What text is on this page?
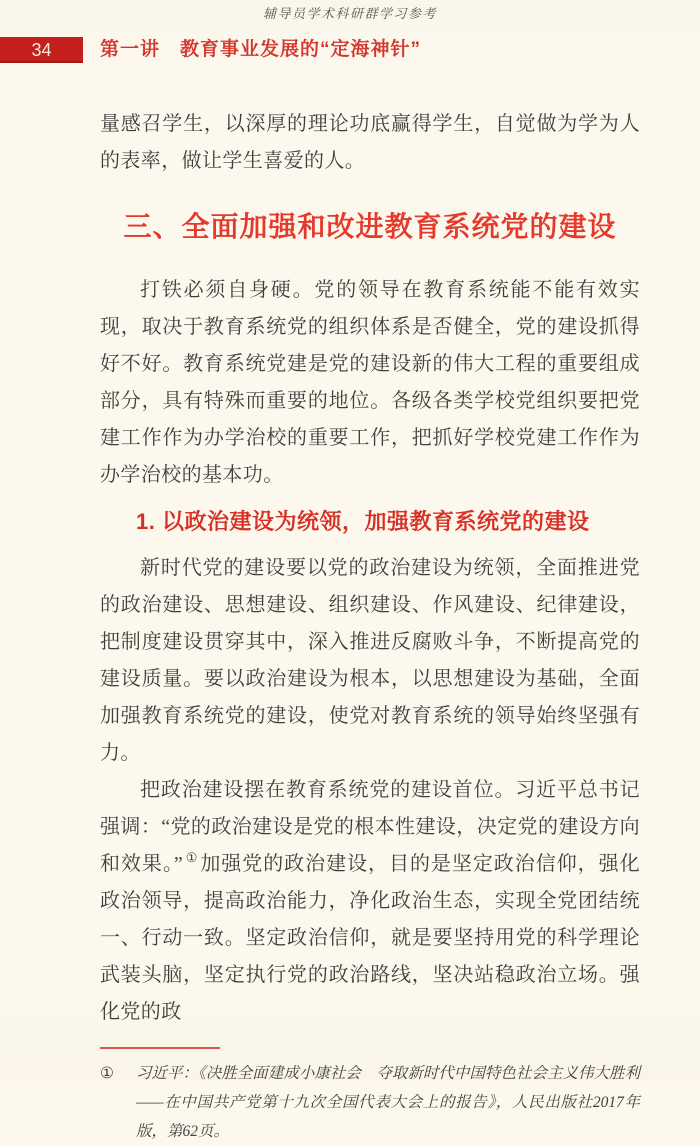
辅导员学术科研群学习参考
34	第一讲　教育事业发展的“定海神针”

量感召学生，以深厚的理论功底赢得学生，自觉做为学为人的表率，做让学生喜爱的人。

三、全面加强和改进教育系统党的建设

打铁必须自身硬。党的领导在教育系统能不能有效实现，取决于教育系统党的组织体系是否健全，党的建设抓得好不好。教育系统党建是党的建设新的伟大工程的重要组成部分，具有特殊而重要的地位。各级各类学校党组织要把党建工作作为办学治校的重要工作，把抓好学校党建工作作为办学治校的基本功。

1. 以政治建设为统领，加强教育系统党的建设

新时代党的建设要以党的政治建设为统领，全面推进党的政治建设、思想建设、组织建设、作风建设、纪律建设，把制度建设贯穿其中，深入推进反腐败斗争，不断提高党的建设质量。要以政治建设为根本，以思想建设为基础，全面加强教育系统党的建设，使党对教育系统的领导始终坚强有力。

把政治建设摆在教育系统党的建设首位。习近平总书记强调：“党的政治建设是党的根本性建设，决定党的建设方向和效果。” ① 加强党的政治建设，目的是坚定政治信仰，强化政治领导，提高政治能力，净化政治生态，实现全党团结统一、行动一致。坚定政治信仰，就是要坚持用党的科学理论武装头脑，坚定执行党的政治路线，坚决站稳政治立场。强化党的政

①	习近平：《决胜全面建成小康社会　夺取新时代中国特色社会主义伟大胜利——在中国共产党第十九次全国代表大会上的报告》，人民出版社2017年版，第62页。
